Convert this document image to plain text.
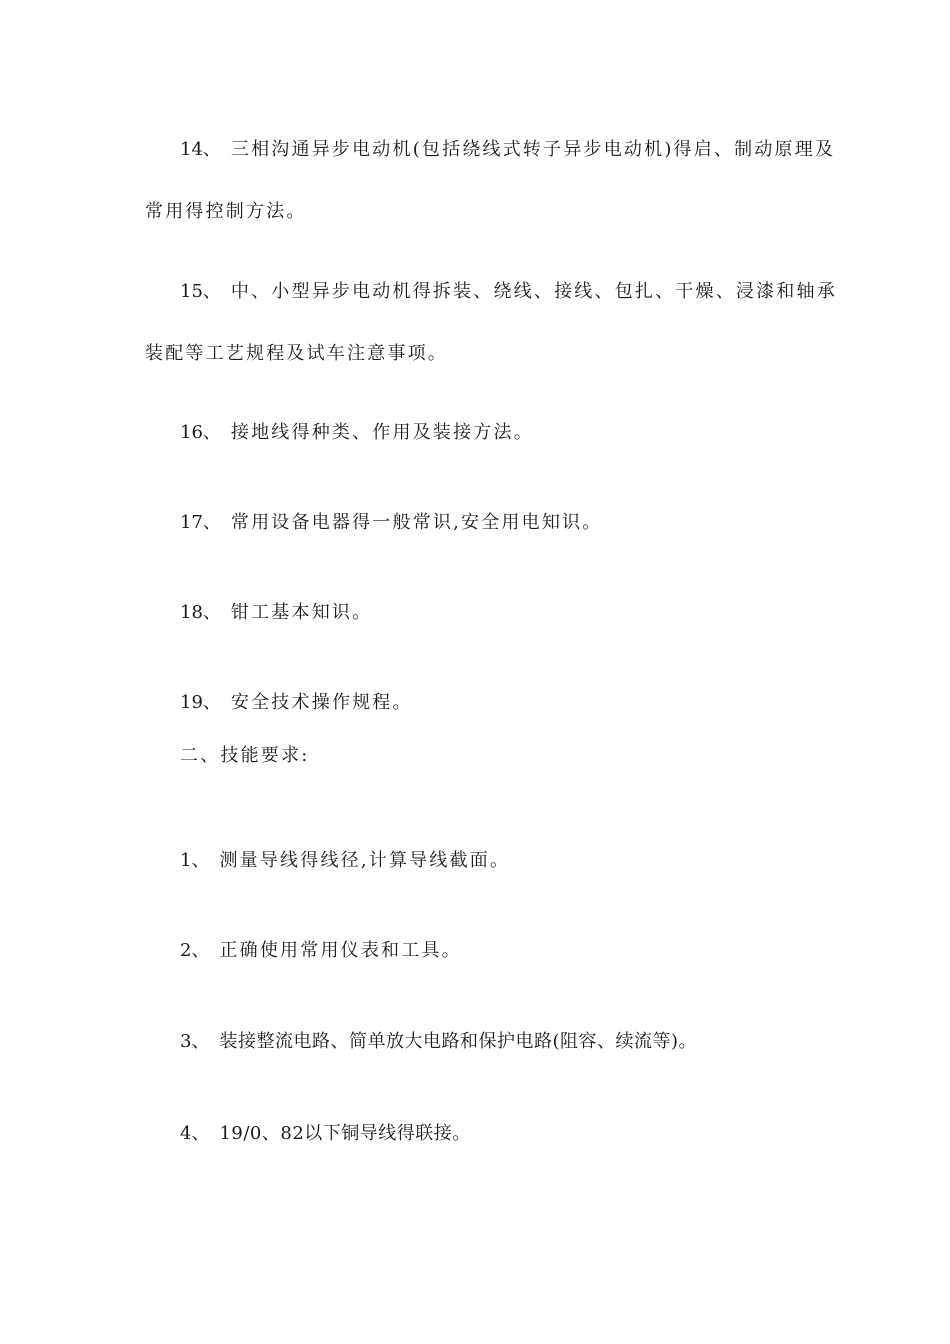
14、 三相沟通异步电动机(包括绕线式转子异步电动机)得启、制动原理及
常用得控制方法。
15、 中、小型异步电动机得拆装、绕线、接线、包扎、干燥、浸漆和轴承
装配等工艺规程及试车注意事项。
16、 接地线得种类、作用及装接方法。
17、 常用设备电器得一般常识,安全用电知识。
18、 钳工基本知识。
19、 安全技术操作规程。
二、技能要求:
1、 测量导线得线径,计算导线截面。
2、 正确使用常用仪表和工具。
3、 装接整流电路、简单放大电路和保护电路(阻容、续流等)。
4、 19/0、82以下铜导线得联接。
